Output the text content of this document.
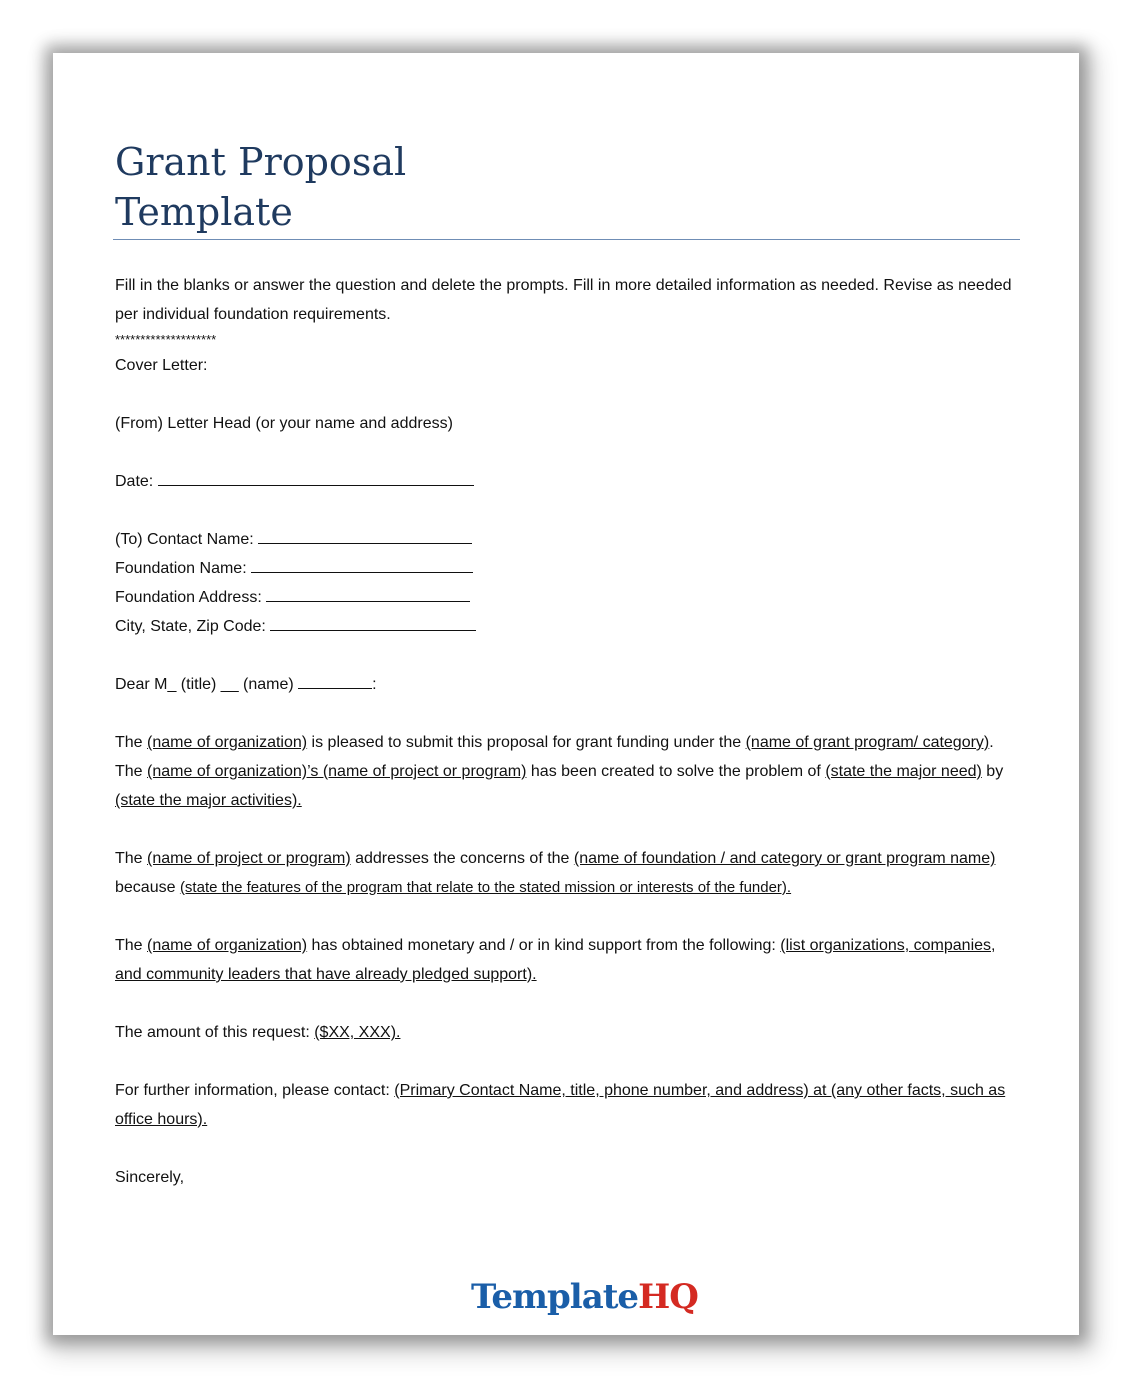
Grant Proposal
Template

Fill in the blanks or answer the question and delete the prompts. Fill in more detailed information as needed. Revise as needed per individual foundation requirements.

********************

Cover Letter:

(From) Letter Head (or your name and address)

Date:

(To) Contact Name:

Foundation Name:

Foundation Address:

City, State, Zip Code:

Dear M_ (title) __ (name)	:

The (name of organization) is pleased to submit this proposal for grant funding under the (name of grant program/ category). The (name of organization)’s (name of project or program) has been created to solve the problem of (state the major need) by (state the major activities).

The (name of project or program) addresses the concerns of the (name of foundation / and category or grant program name) because (state the features of the program that relate to the stated mission or interests of the funder).

The (name of organization) has obtained monetary and / or in kind support from the following: (list organizations, companies, and community leaders that have already pledged support).

The amount of this request: ($XX, XXX).

For further information, please contact: (Primary Contact Name, title, phone number, and address) at (any other facts, such as office hours).

Sincerely,

TemplateHQ
